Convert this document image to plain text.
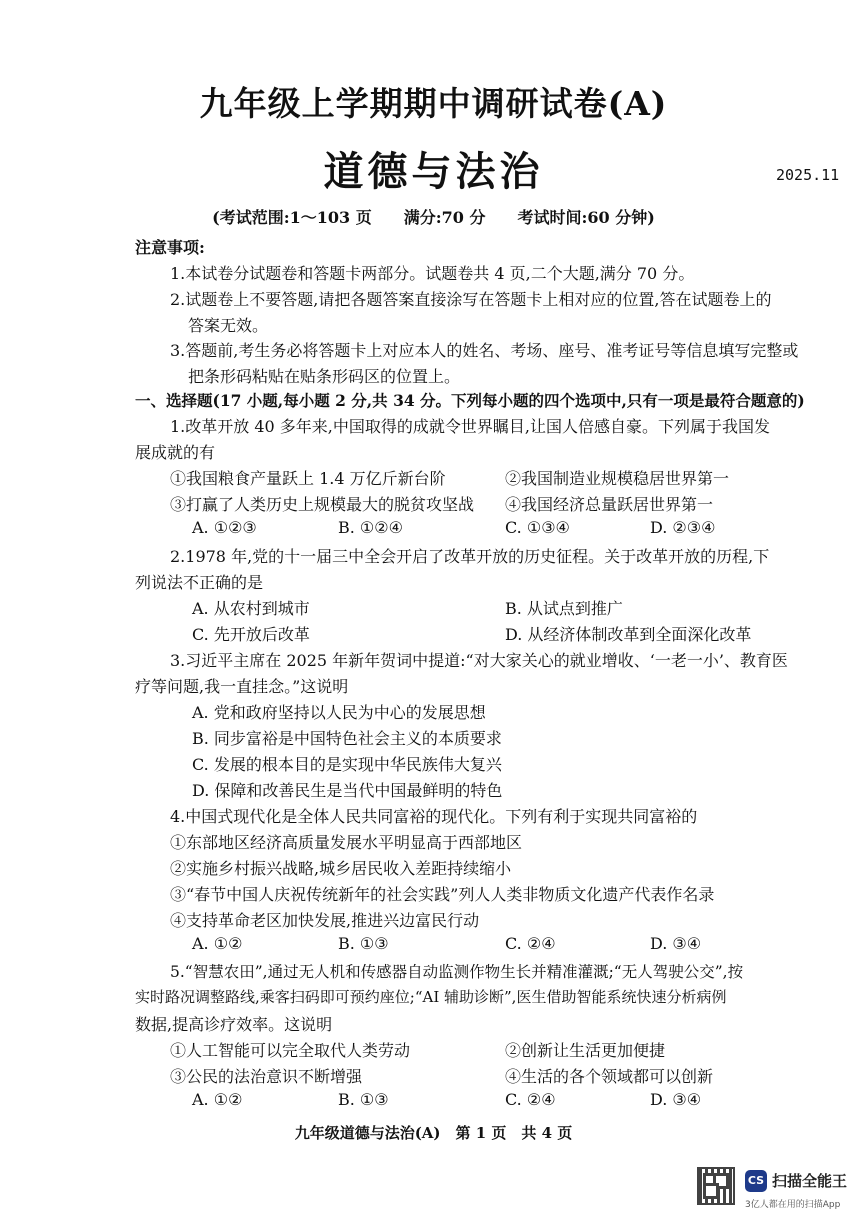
九年级上学期期中调研试卷(A)
道德与法治	2025.11
(考试范围:1～103 页　　满分:70 分　　考试时间:60 分钟)
注意事项:
1.本试卷分试题卷和答题卡两部分。试题卷共 4 页,二个大题,满分 70 分。
2.试题卷上不要答题,请把各题答案直接涂写在答题卡上相对应的位置,答在试题卷上的
答案无效。
3.答题前,考生务必将答题卡上对应本人的姓名、考场、座号、准考证号等信息填写完整或
把条形码粘贴在贴条形码区的位置上。
一、选择题(17 小题,每小题 2 分,共 34 分。下列每小题的四个选项中,只有一项是最符合题意的)
1.改革开放 40 多年来,中国取得的成就令世界瞩目,让国人倍感自豪。下列属于我国发
展成就的有
①我国粮食产量跃上 1.4 万亿斤新台阶	②我国制造业规模稳居世界第一
③打赢了人类历史上规模最大的脱贫攻坚战 ④我国经济总量跃居世界第一
A. ①②③	B. ①②④	C. ①③④	D. ②③④
2.1978 年,党的十一届三中全会开启了改革开放的历史征程。关于改革开放的历程,下
列说法不正确的是
A. 从农村到城市	B. 从试点到推广
C. 先开放后改革	D. 从经济体制改革到全面深化改革
3.习近平主席在 2025 年新年贺词中提道:“对大家关心的就业增收、‘一老一小’、教育医
疗等问题,我一直挂念。”这说明
A. 党和政府坚持以人民为中心的发展思想
B. 同步富裕是中国特色社会主义的本质要求
C. 发展的根本目的是实现中华民族伟大复兴
D. 保障和改善民生是当代中国最鲜明的特色
4.中国式现代化是全体人民共同富裕的现代化。下列有利于实现共同富裕的
①东部地区经济高质量发展水平明显高于西部地区
②实施乡村振兴战略,城乡居民收入差距持续缩小
③“春节中国人庆祝传统新年的社会实践”列人人类非物质文化遗产代表作名录
④支持革命老区加快发展,推进兴边富民行动
A. ①②	B. ①③	C. ②④	D. ③④
5.“智慧农田”,通过无人机和传感器自动监测作物生长并精准灌溉;“无人驾驶公交”,按
实时路况调整路线,乘客扫码即可预约座位;“AI 辅助诊断”,医生借助智能系统快速分析病例
数据,提高诊疗效率。这说明
①人工智能可以完全取代人类劳动	②创新让生活更加便捷
③公民的法治意识不断增强	④生活的各个领域都可以创新
A. ①②	B. ①③	C. ②④	D. ③④
九年级道德与法治(A)　第 1 页　共 4 页
CS 扫描全能王
3亿人都在用的扫描App
